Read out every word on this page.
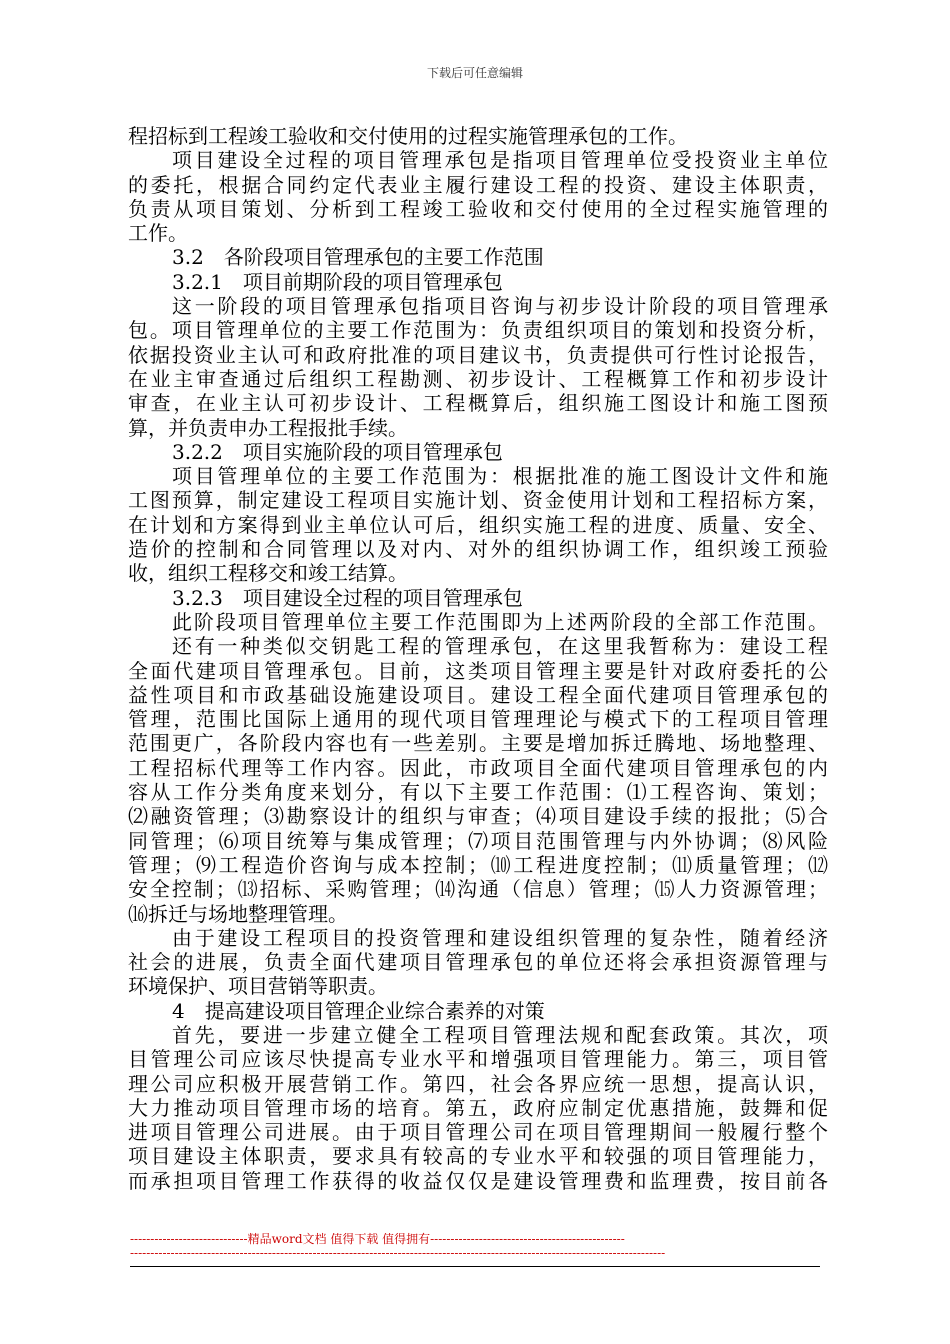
下载后可任意编辑
程招标到工程竣工验收和交付使用的过程实施管理承包的工作。
项目建设全过程的项目管理承包是指项目管理单位受投资业主单位
的委托，根据合同约定代表业主履行建设工程的投资、建设主体职责，
负责从项目策划、分析到工程竣工验收和交付使用的全过程实施管理的
工作。
3.2　各阶段项目管理承包的主要工作范围
3.2.1　项目前期阶段的项目管理承包
这一阶段的项目管理承包指项目咨询与初步设计阶段的项目管理承
包。项目管理单位的主要工作范围为：负责组织项目的策划和投资分析，
依据投资业主认可和政府批准的项目建议书，负责提供可行性讨论报告，
在业主审查通过后组织工程勘测、初步设计、工程概算工作和初步设计
审查，在业主认可初步设计、工程概算后，组织施工图设计和施工图预
算，并负责申办工程报批手续。
3.2.2　项目实施阶段的项目管理承包
项目管理单位的主要工作范围为：根据批准的施工图设计文件和施
工图预算，制定建设工程项目实施计划、资金使用计划和工程招标方案，
在计划和方案得到业主单位认可后，组织实施工程的进度、质量、安全、
造价的控制和合同管理以及对内、对外的组织协调工作，组织竣工预验
收，组织工程移交和竣工结算。
3.2.3　项目建设全过程的项目管理承包
此阶段项目管理单位主要工作范围即为上述两阶段的全部工作范围。
还有一种类似交钥匙工程的管理承包，在这里我暂称为：建设工程
全面代建项目管理承包。目前，这类项目管理主要是针对政府委托的公
益性项目和市政基础设施建设项目。建设工程全面代建项目管理承包的
管理，范围比国际上通用的现代项目管理理论与模式下的工程项目管理
范围更广，各阶段内容也有一些差别。主要是增加拆迁腾地、场地整理、
工程招标代理等工作内容。因此，市政项目全面代建项目管理承包的内
容从工作分类角度来划分，有以下主要工作范围：⑴工程咨询、策划；
⑵融资管理；⑶勘察设计的组织与审查；⑷项目建设手续的报批；⑸合
同管理；⑹项目统筹与集成管理；⑺项目范围管理与内外协调；⑻风险
管理；⑼工程造价咨询与成本控制；⑽工程进度控制；⑾质量管理；⑿
安全控制；⒀招标、采购管理；⒁沟通（信息）管理；⒂人力资源管理；
⒃拆迁与场地整理管理。
由于建设工程项目的投资管理和建设组织管理的复杂性，随着经济
社会的进展，负责全面代建项目管理承包的单位还将会承担资源管理与
环境保护、项目营销等职责。
4　提高建设项目管理企业综合素养的对策
首先，要进一步建立健全工程项目管理法规和配套政策。其次，项
目管理公司应该尽快提高专业水平和增强项目管理能力。第三，项目管
理公司应积极开展营销工作。第四，社会各界应统一思想，提高认识，
大力推动项目管理市场的培育。第五，政府应制定优惠措施，鼓舞和促
进项目管理公司进展。由于项目管理公司在项目管理期间一般履行整个
项目建设主体职责，要求具有较高的专业水平和较强的项目管理能力，
而承担项目管理工作获得的收益仅仅是建设管理费和监理费，按目前各
-----------------------------精品word文档 值得下载 值得拥有------------------------------------------------
------------------------------------------------------------------------------------------------------------------------------------
